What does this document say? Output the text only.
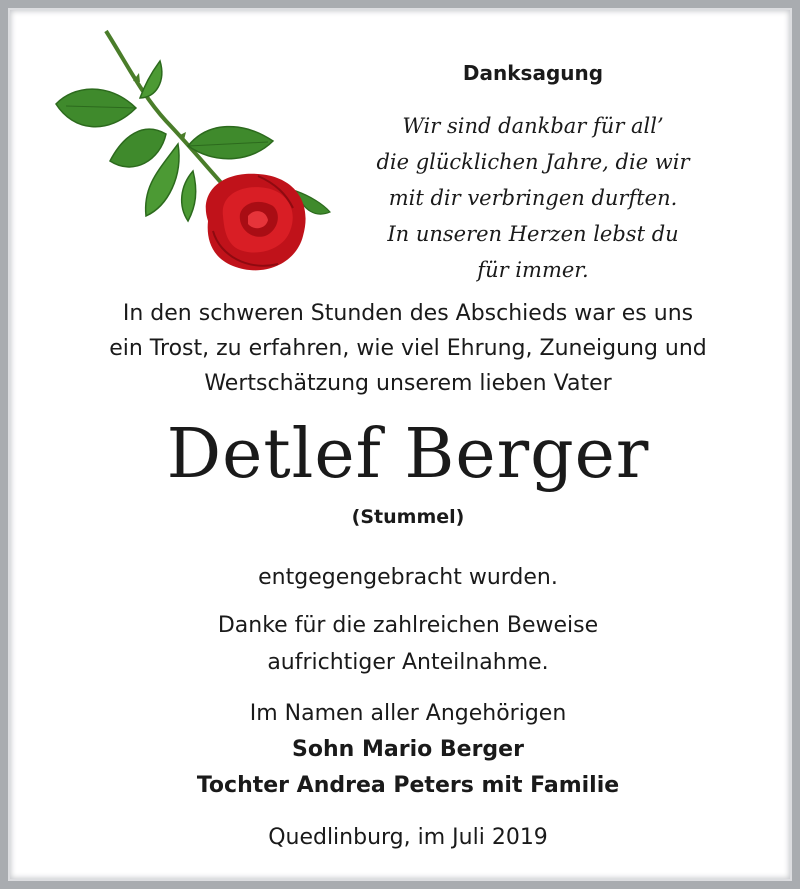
Danksagung
Wir sind dankbar für all’
die glücklichen Jahre, die wir
mit dir verbringen durften.
In unseren Herzen lebst du
für immer.
In den schweren Stunden des Abschieds war es uns
ein Trost, zu erfahren, wie viel Ehrung, Zuneigung und
Wertschätzung unserem lieben Vater
Detlef Berger
(Stummel)
entgegengebracht wurden.
Danke für die zahlreichen Beweise
aufrichtiger Anteilnahme.
Im Namen aller Angehörigen
Sohn Mario Berger
Tochter Andrea Peters mit Familie
Quedlinburg, im Juli 2019
